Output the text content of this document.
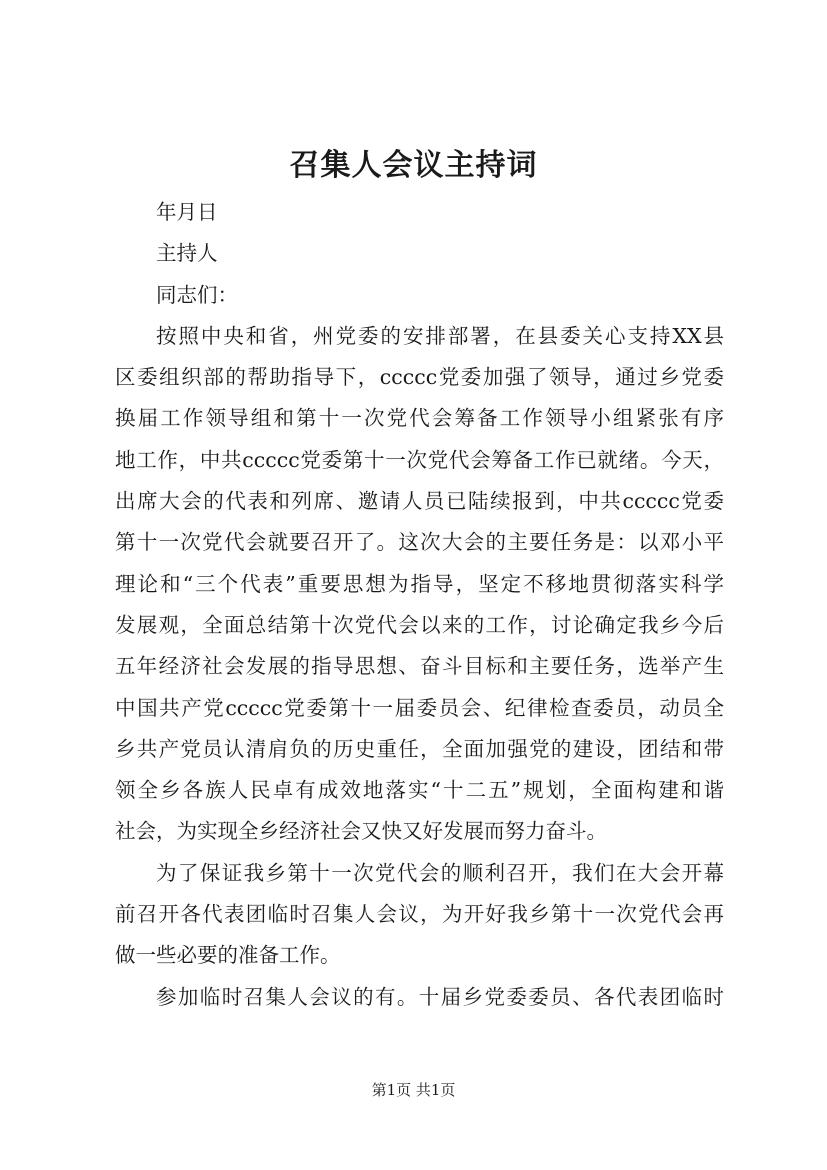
召集人会议主持词

年月日

主持人

同志们：

按照中央和省，州党委的安排部署，在县委关心支持XX县
区委组织部的帮助指导下，ccccc党委加强了领导，通过乡党委
换届工作领导组和第十一次党代会筹备工作领导小组紧张有序
地工作，中共ccccc党委第十一次党代会筹备工作已就绪。今天，
出席大会的代表和列席、邀请人员已陆续报到，中共ccccc党委
第十一次党代会就要召开了。这次大会的主要任务是：以邓小平
理论和“三个代表”重要思想为指导，坚定不移地贯彻落实科学
发展观，全面总结第十次党代会以来的工作，讨论确定我乡今后
五年经济社会发展的指导思想、奋斗目标和主要任务，选举产生
中国共产党ccccc党委第十一届委员会、纪律检查委员，动员全
乡共产党员认清肩负的历史重任，全面加强党的建设，团结和带
领全乡各族人民卓有成效地落实“十二五”规划，全面构建和谐
社会，为实现全乡经济社会又快又好发展而努力奋斗。
为了保证我乡第十一次党代会的顺利召开，我们在大会开幕
前召开各代表团临时召集人会议，为开好我乡第十一次党代会再
做一些必要的准备工作。
参加临时召集人会议的有。十届乡党委委员、各代表团临时
第1页 共1页
